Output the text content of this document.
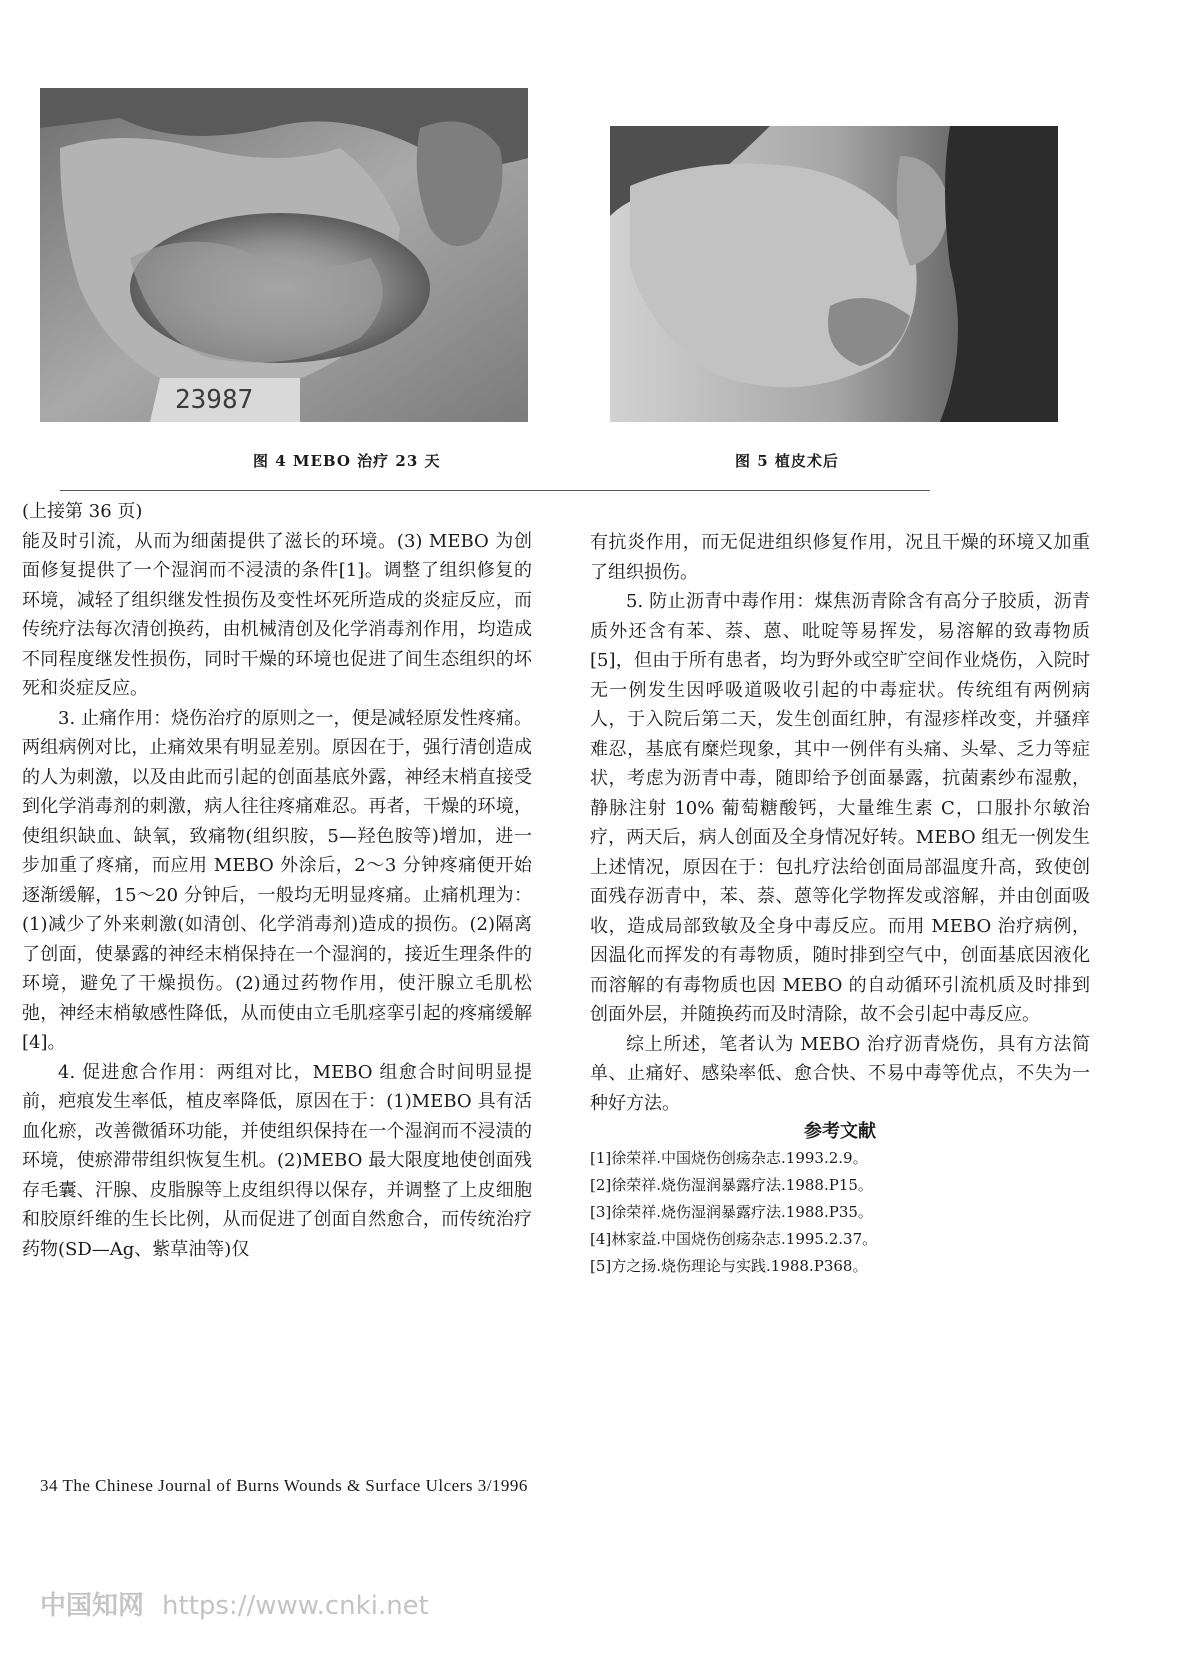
23987
图 4 MEBO 治疗 23 天	图 5 植皮术后

(上接第 36 页)

能及时引流，从而为细菌提供了滋长的环境。(3) MEBO 为创面修复提供了一个湿润而不浸渍的条件[1]。调整了组织修复的环境，减轻了组织继发性损伤及变性坏死所造成的炎症反应，而传统疗法每次清创换药，由机械清创及化学消毒剂作用，均造成不同程度继发性损伤，同时干燥的环境也促进了间生态组织的坏死和炎症反应。

3. 止痛作用：烧伤治疗的原则之一，便是减轻原发性疼痛。两组病例对比，止痛效果有明显差别。原因在于，强行清创造成的人为刺激，以及由此而引起的创面基底外露，神经末梢直接受到化学消毒剂的刺激，病人往往疼痛难忍。再者，干燥的环境，使组织缺血、缺氧，致痛物(组织胺，5—羟色胺等)增加，进一步加重了疼痛，而应用 MEBO 外涂后，2～3 分钟疼痛便开始逐渐缓解，15～20 分钟后，一般均无明显疼痛。止痛机理为：(1)减少了外来刺激(如清创、化学消毒剂)造成的损伤。(2)隔离了创面，使暴露的神经末梢保持在一个湿润的，接近生理条件的环境，避免了干燥损伤。(2)通过药物作用，使汗腺立毛肌松弛，神经末梢敏感性降低，从而使由立毛肌痉挛引起的疼痛缓解[4]。

4. 促进愈合作用：两组对比，MEBO 组愈合时间明显提前，疤痕发生率低，植皮率降低，原因在于：(1)MEBO 具有活血化瘀，改善微循环功能，并使组织保持在一个湿润而不浸渍的环境，使瘀滞带组织恢复生机。(2)MEBO 最大限度地使创面残存毛囊、汗腺、皮脂腺等上皮组织得以保存，并调整了上皮细胞和胶原纤维的生长比例，从而促进了创面自然愈合，而传统治疗药物(SD—Ag、紫草油等)仅

有抗炎作用，而无促进组织修复作用，况且干燥的环境又加重了组织损伤。

5. 防止沥青中毒作用：煤焦沥青除含有高分子胶质，沥青质外还含有苯、萘、蒽、吡啶等易挥发，易溶解的致毒物质[5]，但由于所有患者，均为野外或空旷空间作业烧伤，入院时无一例发生因呼吸道吸收引起的中毒症状。传统组有两例病人，于入院后第二天，发生创面红肿，有湿疹样改变，并骚痒难忍，基底有糜烂现象，其中一例伴有头痛、头晕、乏力等症状，考虑为沥青中毒，随即给予创面暴露，抗菌素纱布湿敷，静脉注射 10% 葡萄糖酸钙，大量维生素 C，口服扑尔敏治疗，两天后，病人创面及全身情况好转。MEBO 组无一例发生上述情况，原因在于：包扎疗法给创面局部温度升高，致使创面残存沥青中，苯、萘、蒽等化学物挥发或溶解，并由创面吸收，造成局部致敏及全身中毒反应。而用 MEBO 治疗病例，因温化而挥发的有毒物质，随时排到空气中，创面基底因液化而溶解的有毒物质也因 MEBO 的自动循环引流机质及时排到创面外层，并随换药而及时清除，故不会引起中毒反应。

综上所述，笔者认为 MEBO 治疗沥青烧伤，具有方法简单、止痛好、感染率低、愈合快、不易中毒等优点，不失为一种好方法。

参考文献

[1]徐荣祥.中国烧伤创疡杂志.1993.2.9。

[2]徐荣祥.烧伤湿润暴露疗法.1988.P15。

[3]徐荣祥.烧伤湿润暴露疗法.1988.P35。

[4]林家益.中国烧伤创疡杂志.1995.2.37。

[5]方之扬.烧伤理论与实践.1988.P368。

34 The Chinese Journal of Burns Wounds & Surface Ulcers 3/1996
中国知网 https://www.cnki.net
